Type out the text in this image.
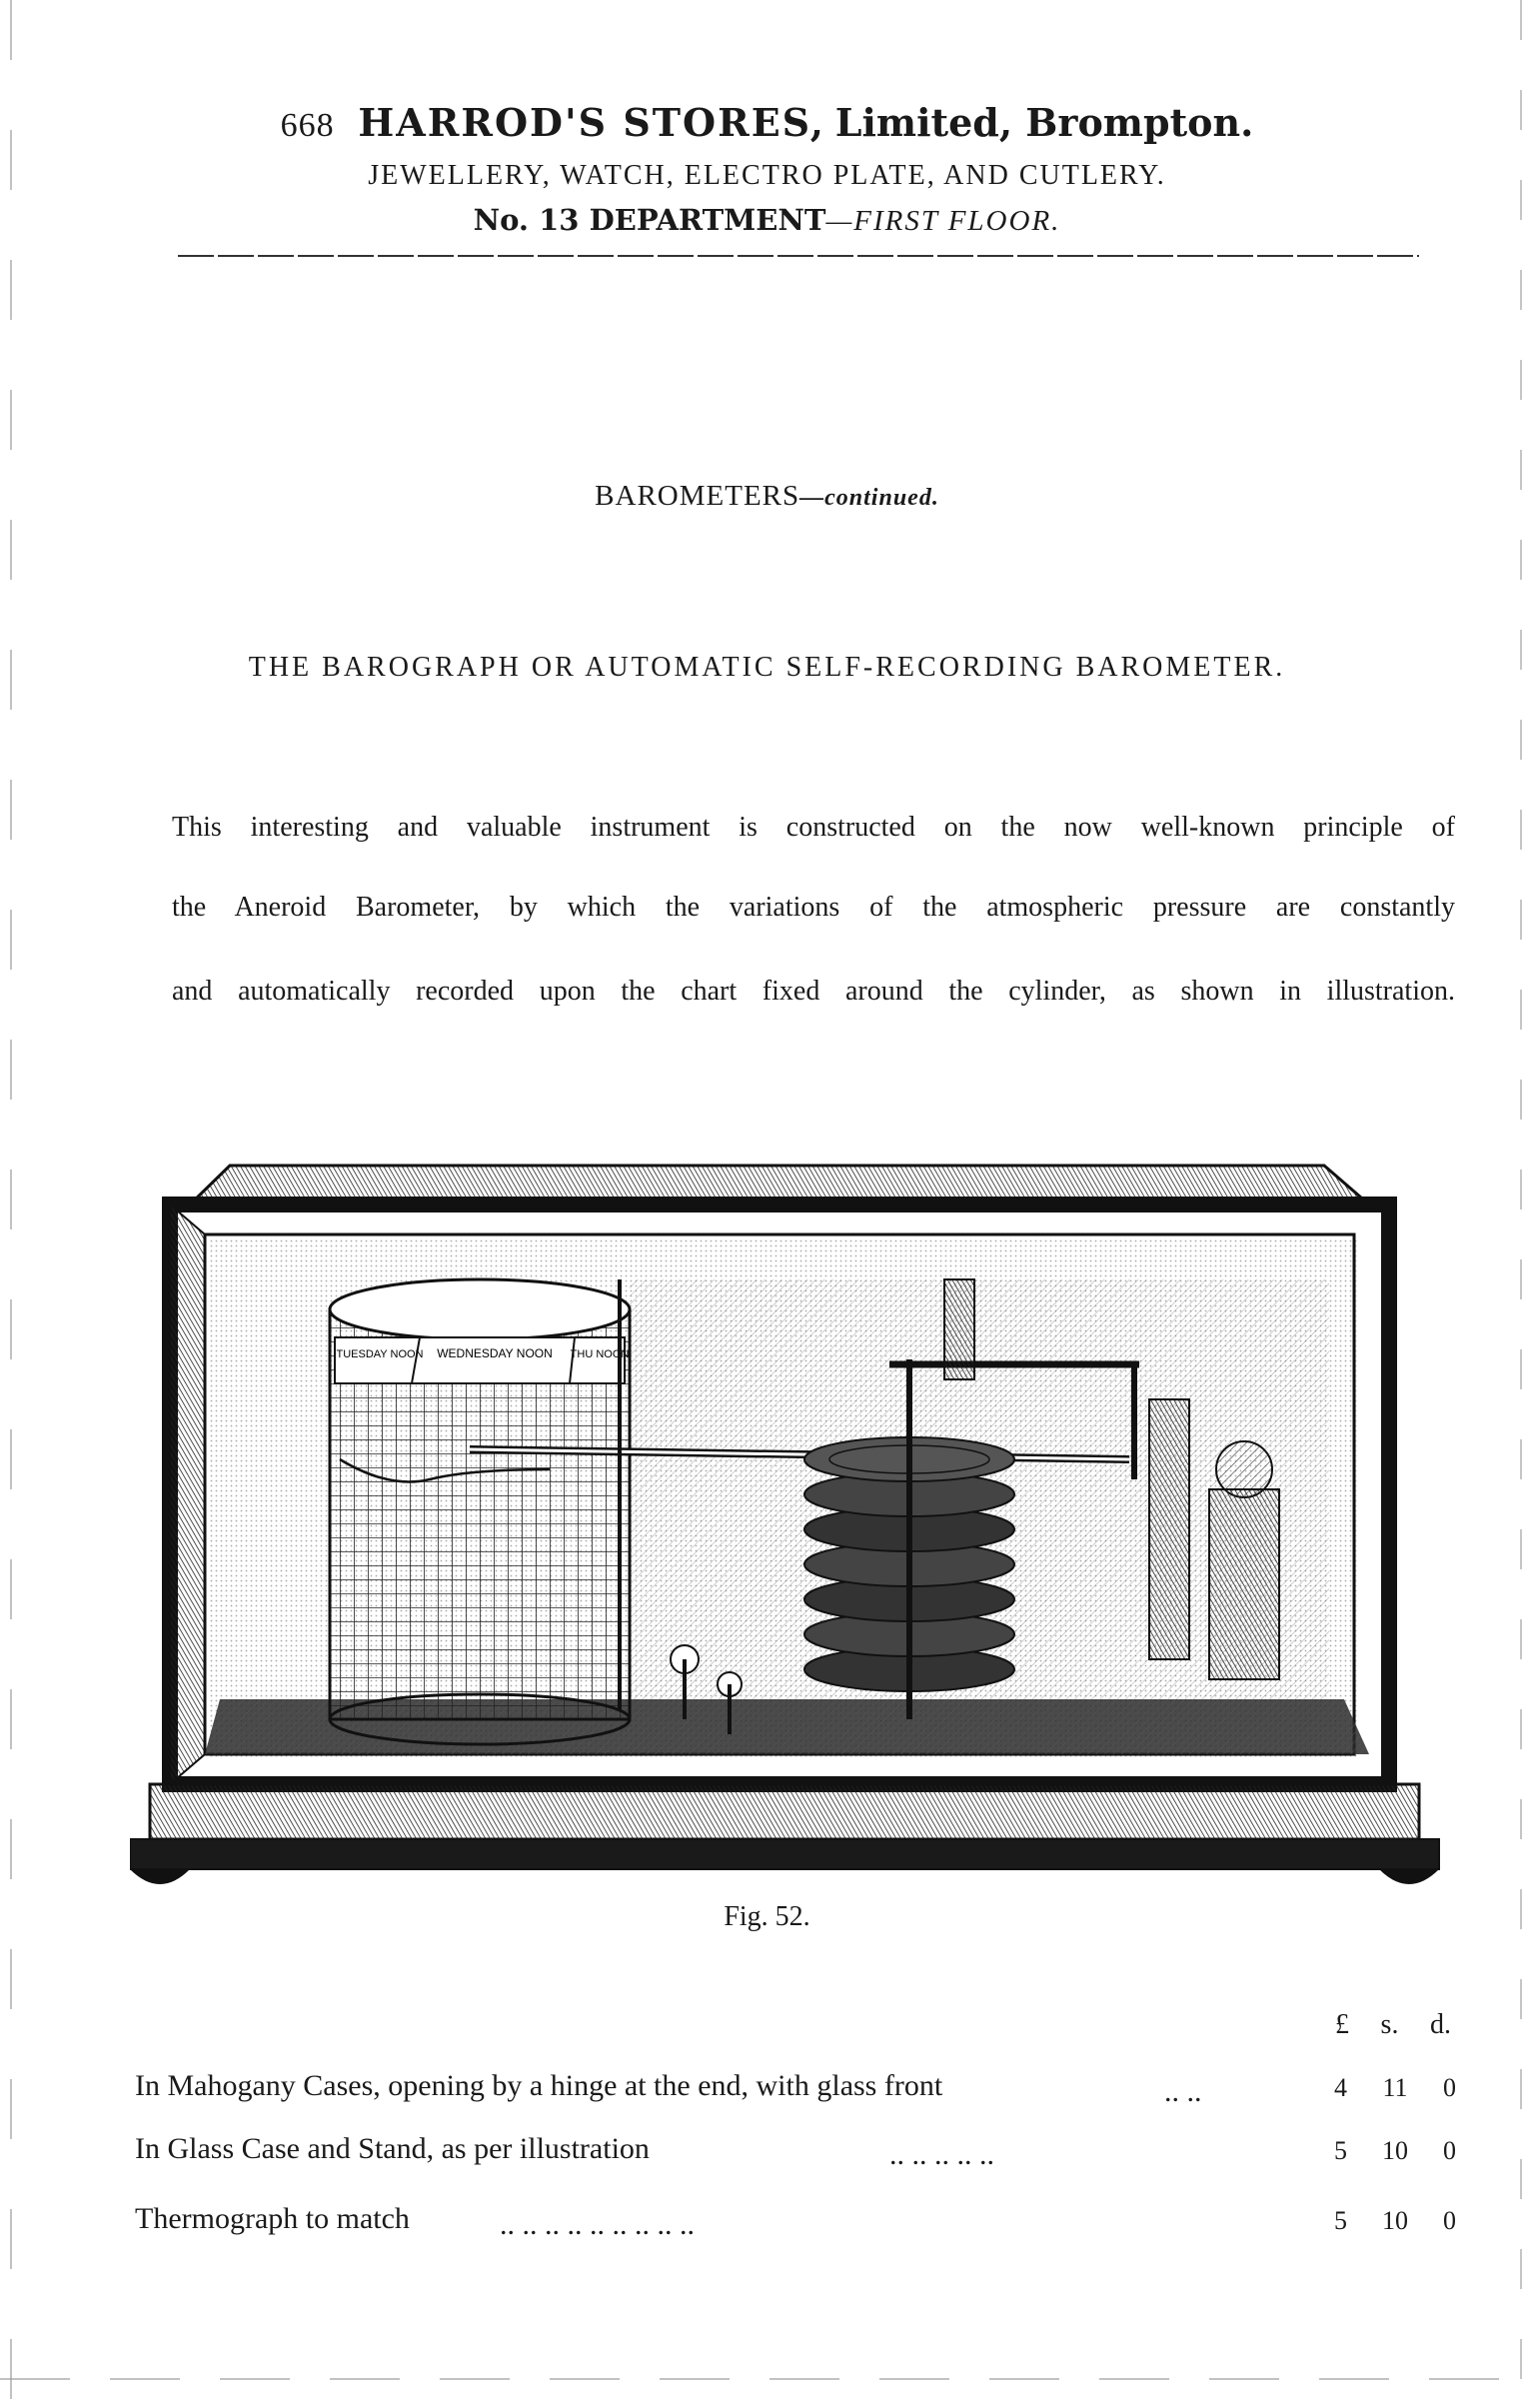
668 HARROD'S STORES, Limited, Brompton.
JEWELLERY, WATCH, ELECTRO PLATE, AND CUTLERY.
No. 13 DEPARTMENT—FIRST FLOOR.
BAROMETERS—continued.
THE BAROGRAPH OR AUTOMATIC SELF-RECORDING BAROMETER.
This interesting and valuable instrument is constructed on the now well-known principle of
the Aneroid Barometer, by which the variations of the atmospheric pressure are constantly
and automatically recorded upon the chart fixed around the cylinder, as shown in illustration.
TUESDAY NOON WEDNESDAY NOON THU NOON
Fig. 52.
£ s. d.
In Mahogany Cases, opening by a hinge at the end, with glass front	.. ..	4 11 0
In Glass Case and Stand, as per illustration	.. .. .. .. ..	5 10 0
Thermograph to match	.. .. .. .. .. .. .. .. ..	5 10 0
